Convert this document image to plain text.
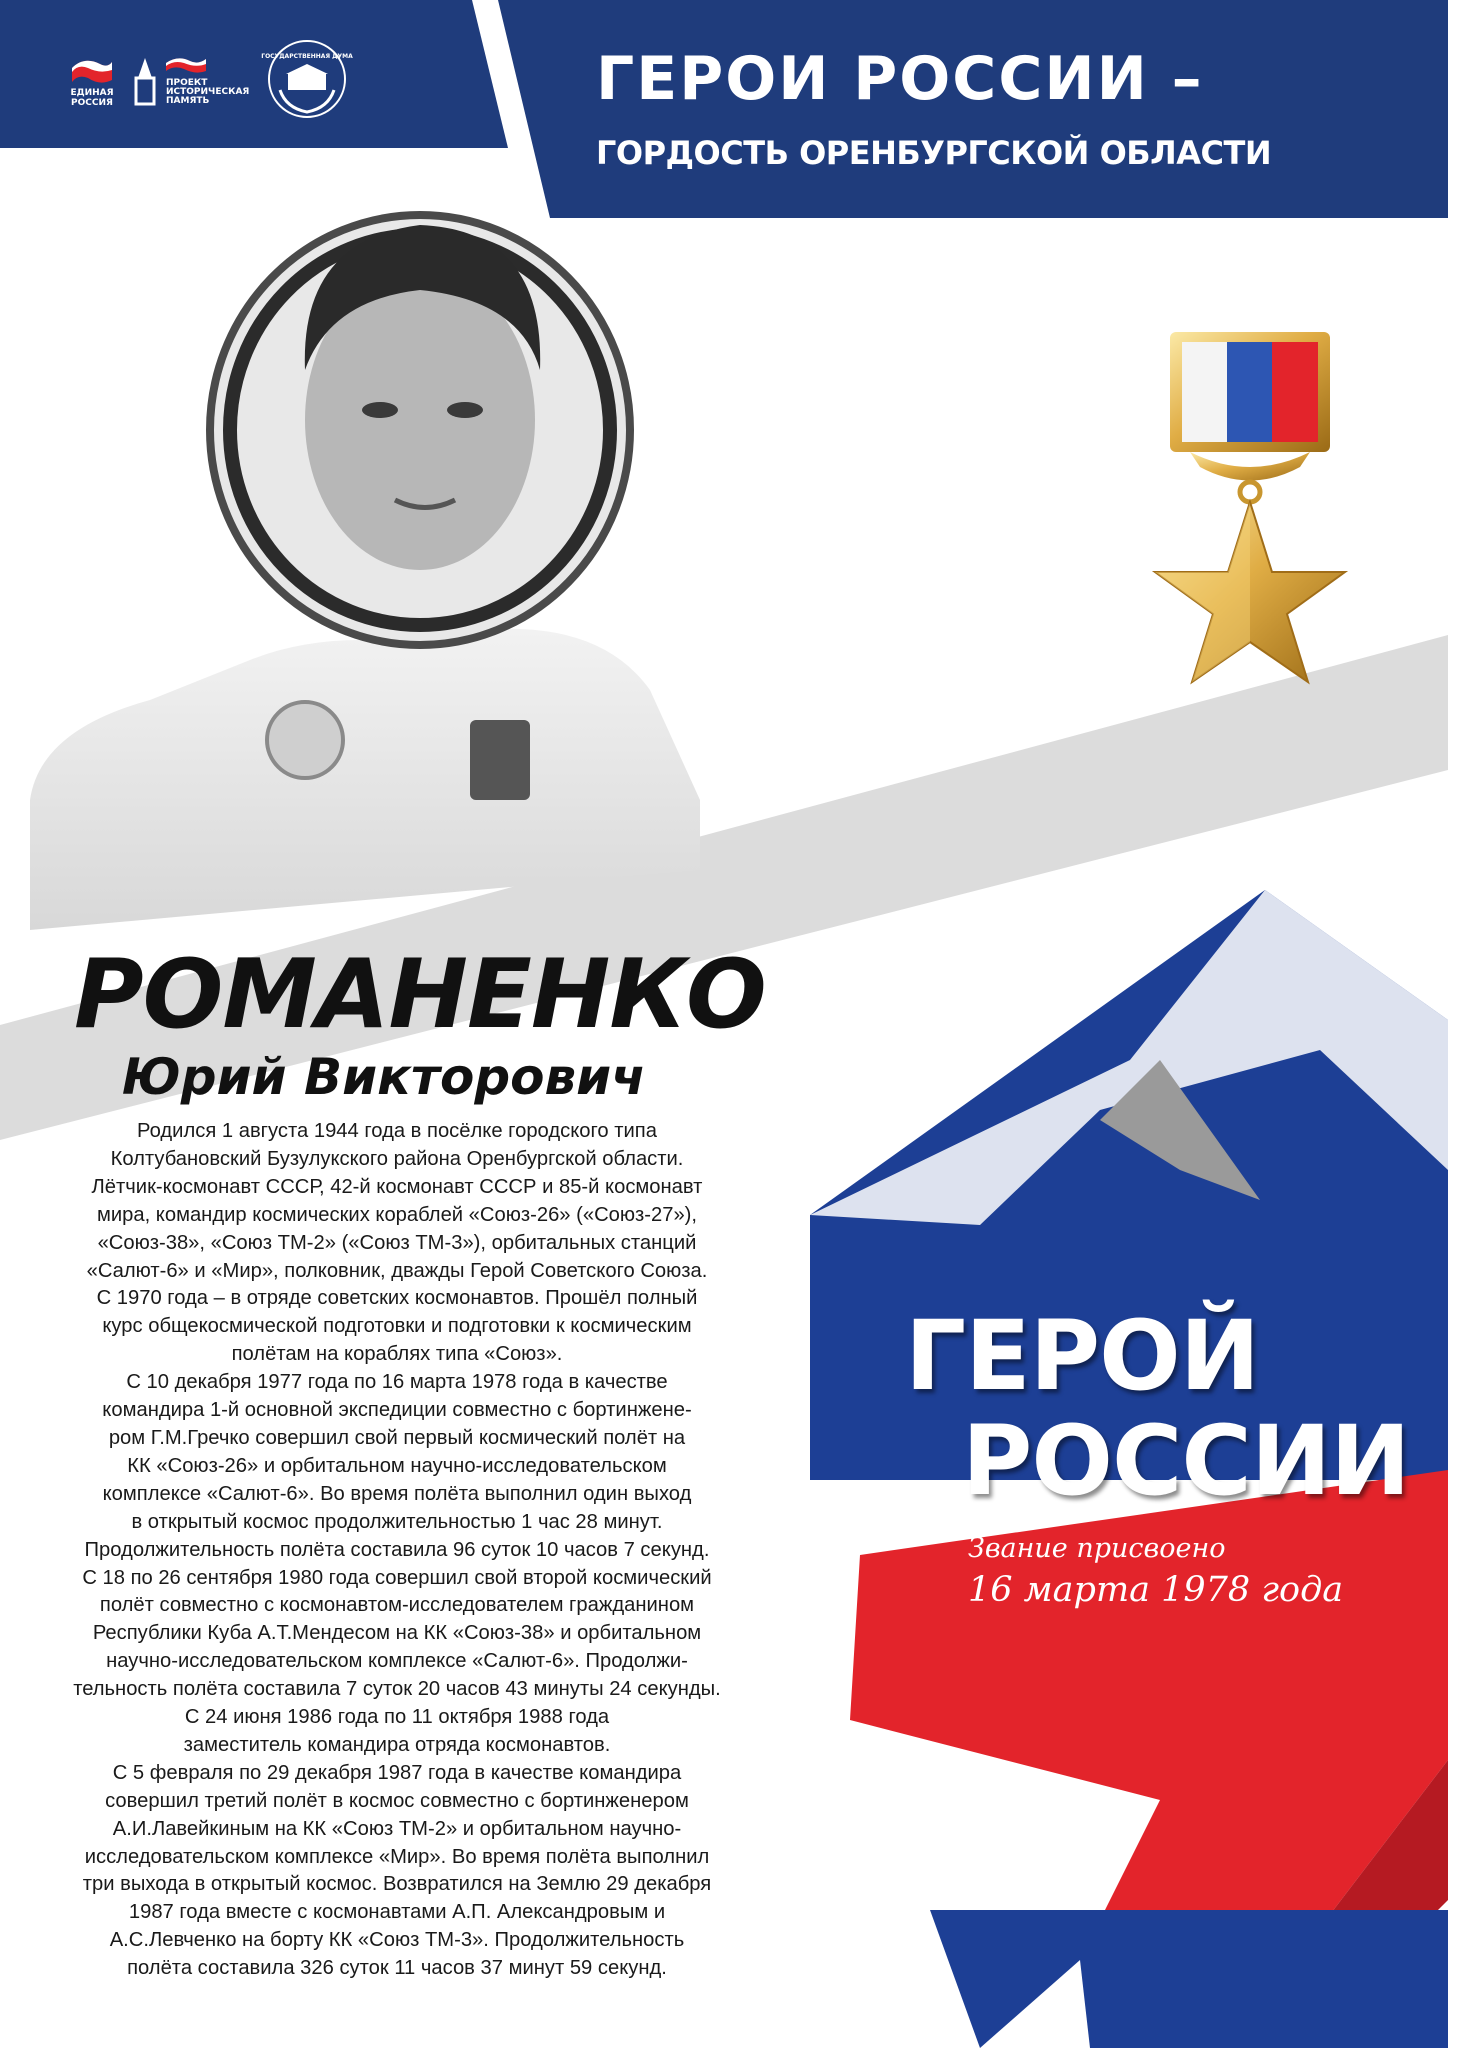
ЕДИНАЯ РОССИЯ
ПРОЕКТ ИСТОРИЧЕСКАЯ ПАМЯТЬ
ГОСУДАРСТВЕННАЯ ДУМА	ГЕРОИ РОССИИ –
ГОРДОСТЬ ОРЕНБУРГСКОЙ ОБЛАСТИ
РОМАНЕНКО
Юрий Викторович
Родился 1 августа 1944 года в посёлке городского типа
Колтубановский Бузулукского района Оренбургской области.
Лётчик-космонавт СССР, 42-й космонавт СССР и 85-й космонавт
мира, командир космических кораблей «Союз-26» («Союз-27»),
«Союз-38», «Союз ТМ-2» («Союз ТМ-3»), орбитальных станций
«Салют-6» и «Мир», полковник, дважды Герой Советского Союза.
С 1970 года – в отряде советских космонавтов. Прошёл полный
курс общекосмической подготовки и подготовки к космическим
полётам на кораблях типа «Союз».
С 10 декабря 1977 года по 16 марта 1978 года в качестве
командира 1-й основной экспедиции совместно с бортинжене-
ром Г.М.Гречко совершил свой первый космический полёт на
КК «Союз-26» и орбитальном научно-исследовательском
комплексе «Салют-6». Во время полёта выполнил один выход
в открытый космос продолжительностью 1 час 28 минут.
Продолжительность полёта составила 96 суток 10 часов 7 секунд.
С 18 по 26 сентября 1980 года совершил свой второй космический
полёт совместно с космонавтом-исследователем гражданином
Республики Куба А.Т.Мендесом на КК «Союз-38» и орбитальном
научно-исследовательском комплексе «Салют-6». Продолжи-
тельность полёта составила 7 суток 20 часов 43 минуты 24 секунды.
С 24 июня 1986 года по 11 октября 1988 года
заместитель командира отряда космонавтов.
С 5 февраля по 29 декабря 1987 года в качестве командира
совершил третий полёт в космос совместно с бортинженером
А.И.Лавейкиным на КК «Союз ТМ-2» и орбитальном научно-
исследовательском комплексе «Мир». Во время полёта выполнил
три выхода в открытый космос. Возвратился на Землю 29 декабря
1987 года вместе с космонавтами А.П. Александровым и
А.С.Левченко на борту КК «Союз ТМ-3». Продолжительность
полёта составила 326 суток 11 часов 37 минут 59 секунд.
ГЕРОЙ
РОССИИ
Звание присвоено
16 марта 1978 года
